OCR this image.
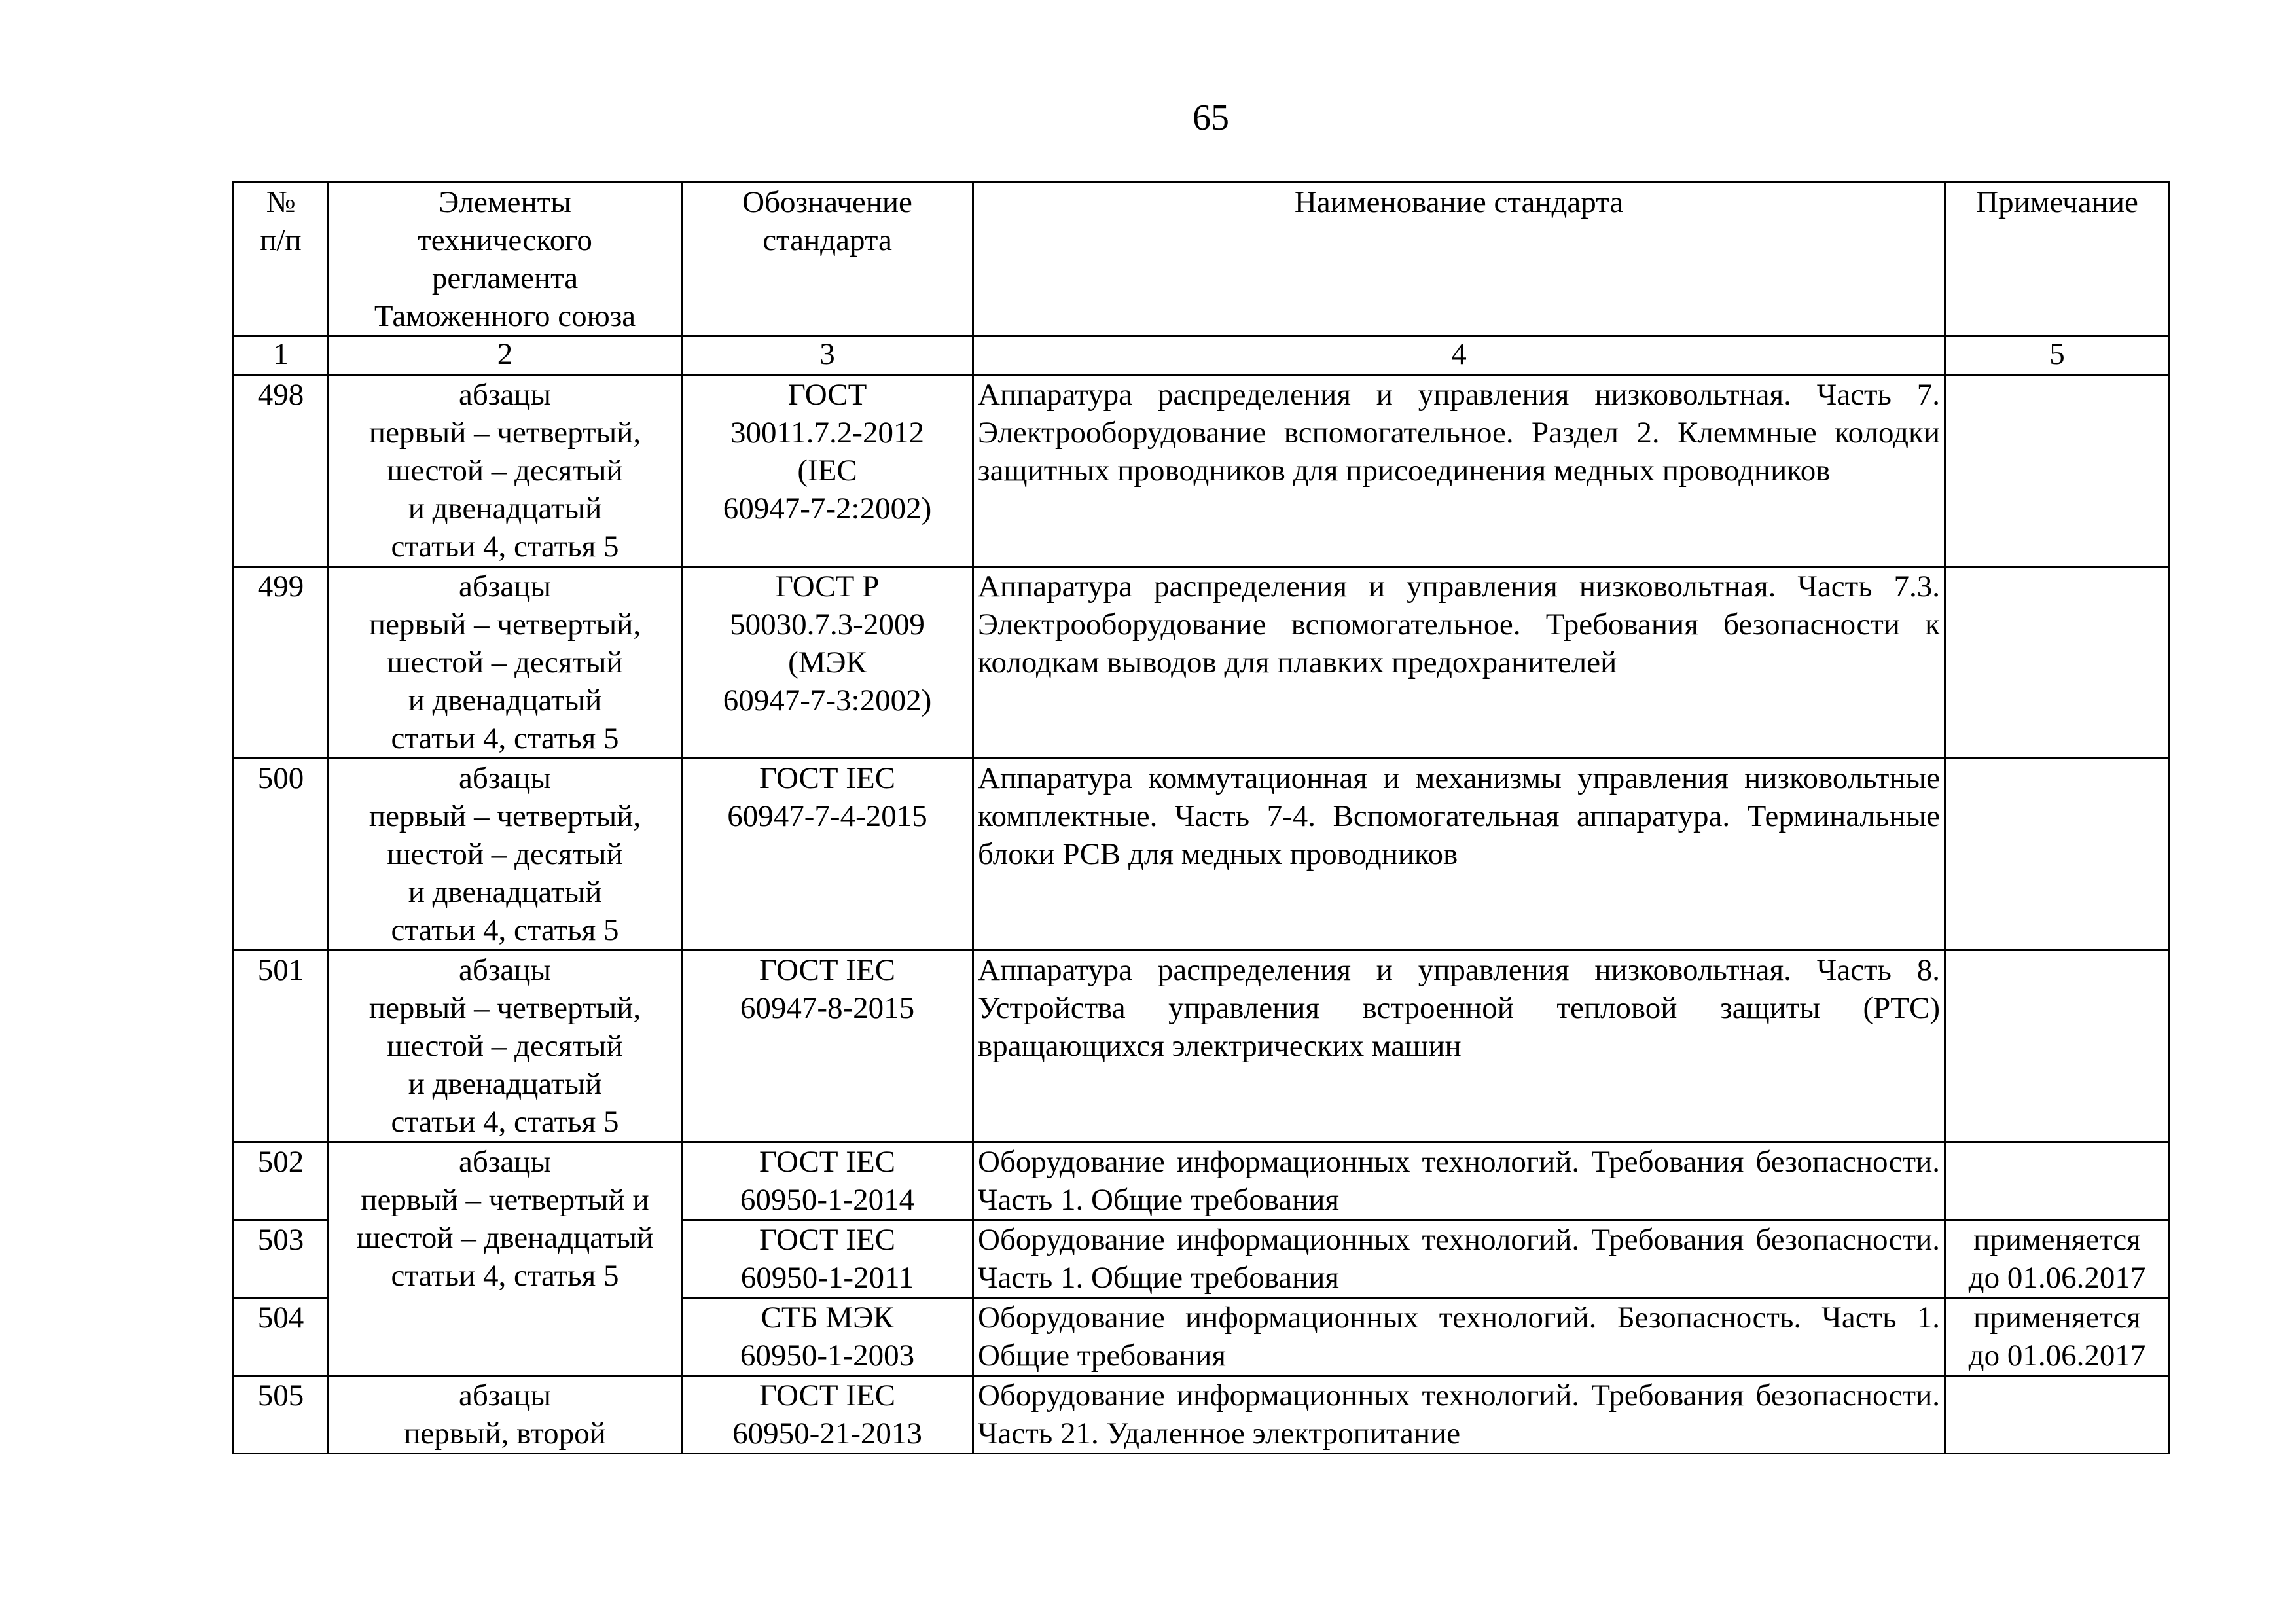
65
№
п/п	Элементы
технического
регламента
Таможенного союза	Обозначение
стандарта	Наименование стандарта	Примечание
1	2	3	4	5
498	абзацы
первый – четвертый,
шестой – десятый
и двенадцатый
статьи 4, статья 5	ГОСТ
30011.7.2-2012
(IEC
60947-7-2:2002)	Аппаратура распределения и управления низковольтная. Часть 7. Электрооборудование вспомогательное. Раздел 2. Клеммные колодки защитных проводников для присоединения медных проводников	
499	абзацы
первый – четвертый,
шестой – десятый
и двенадцатый
статьи 4, статья 5	ГОСТ Р
50030.7.3-2009
(МЭК
60947-7-3:2002)	Аппаратура распределения и управления низковольтная. Часть 7.3. Электрооборудование вспомогательное. Требования безопасности к колодкам выводов для плавких предохранителей	
500	абзацы
первый – четвертый,
шестой – десятый
и двенадцатый
статьи 4, статья 5	ГОСТ IEC
60947-7-4-2015	Аппаратура коммутационная и механизмы управления низковольтные комплектные. Часть 7-4. Вспомогательная аппаратура. Терминальные блоки PCB для медных проводников	
501	абзацы
первый – четвертый,
шестой – десятый
и двенадцатый
статьи 4, статья 5	ГОСТ IEC
60947-8-2015	Аппаратура распределения и управления низковольтная. Часть 8. Устройства управления встроенной тепловой защиты (PTC) вращающихся электрических машин	
502	абзацы
первый – четвертый и
шестой – двенадцатый
статьи 4, статья 5	ГОСТ IEC
60950-1-2014	Оборудование информационных технологий. Требования безопасности. Часть 1. Общие требования	
503		ГОСТ IEC
60950-1-2011	Оборудование информационных технологий. Требования безопасности. Часть 1. Общие требования	применяется
до 01.06.2017
504		СТБ МЭК
60950-1-2003	Оборудование информационных технологий. Безопасность. Часть 1. Общие требования	применяется
до 01.06.2017
505	абзацы
первый, второй	ГОСТ IEC
60950-21-2013	Оборудование информационных технологий. Требования безопасности. Часть 21. Удаленное электропитание	
